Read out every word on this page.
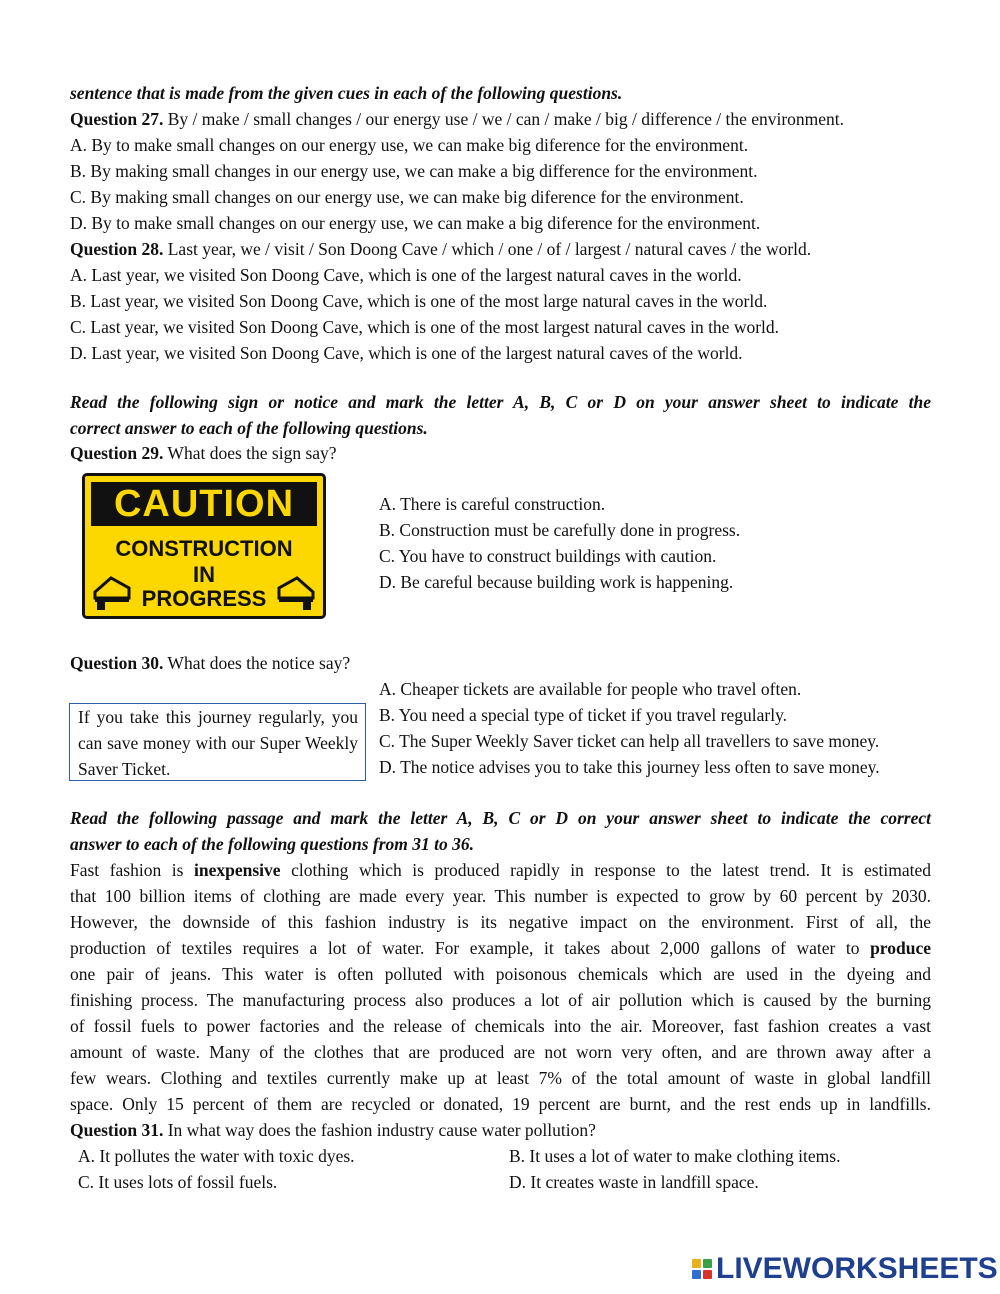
sentence that is made from the given cues in each of the following questions.
Question 27. By / make / small changes / our energy use / we / can / make / big / difference / the environment.
A. By to make small changes on our energy use, we can make big diference for the environment.
B. By making small changes in our energy use, we can make a big difference for the environment.
C. By making small changes on our energy use, we can make big diference for the environment.
D. By to make small changes on our energy use, we can make a big diference for the environment.
Question 28. Last year, we / visit / Son Doong Cave / which / one / of / largest / natural caves / the world.
A. Last year, we visited Son Doong Cave, which is one of the largest natural caves in the world.
B. Last year, we visited Son Doong Cave, which is one of the most large natural caves in the world.
C. Last year, we visited Son Doong Cave, which is one of the most largest natural caves in the world.
D. Last year, we visited Son Doong Cave, which is one of the largest natural caves of the world.
Read the following sign or notice and mark the letter A, B, C or D on your answer sheet to indicate the
correct answer to each of the following questions.
Question 29. What does the sign say?
CAUTION
CONSTRUCTION
IN
PROGRESS
A. There is careful construction.
B. Construction must be carefully done in progress.
C. You have to construct buildings with caution.
D. Be careful because building work is happening.
Question 30. What does the notice say?
If you take this journey regularly, you can save money with our Super Weekly Saver Ticket.
A. Cheaper tickets are available for people who travel often.
B. You need a special type of ticket if you travel regularly.
C. The Super Weekly Saver ticket can help all travellers to save money.
D. The notice advises you to take this journey less often to save money.
Read the following passage and mark the letter A, B, C or D on your answer sheet to indicate the correct
answer to each of the following questions from 31 to 36.
Fast fashion is inexpensive clothing which is produced rapidly in response to the latest trend. It is estimated
that 100 billion items of clothing are made every year. This number is expected to grow by 60 percent by 2030.
However, the downside of this fashion industry is its negative impact on the environment. First of all, the
production of textiles requires a lot of water. For example, it takes about 2,000 gallons of water to produce
one pair of jeans. This water is often polluted with poisonous chemicals which are used in the dyeing and
finishing process. The manufacturing process also produces a lot of air pollution which is caused by the burning
of fossil fuels to power factories and the release of chemicals into the air. Moreover, fast fashion creates a vast
amount of waste. Many of the clothes that are produced are not worn very often, and are thrown away after a
few wears. Clothing and textiles currently make up at least 7% of the total amount of waste in global landfill
space. Only 15 percent of them are recycled or donated, 19 percent are burnt, and the rest ends up in landfills.
Question 31. In what way does the fashion industry cause water pollution?
A. It pollutes the water with toxic dyes.	B. It uses a lot of water to make clothing items.
C. It uses lots of fossil fuels.	D. It creates waste in landfill space.
LIVEWORKSHEETS
